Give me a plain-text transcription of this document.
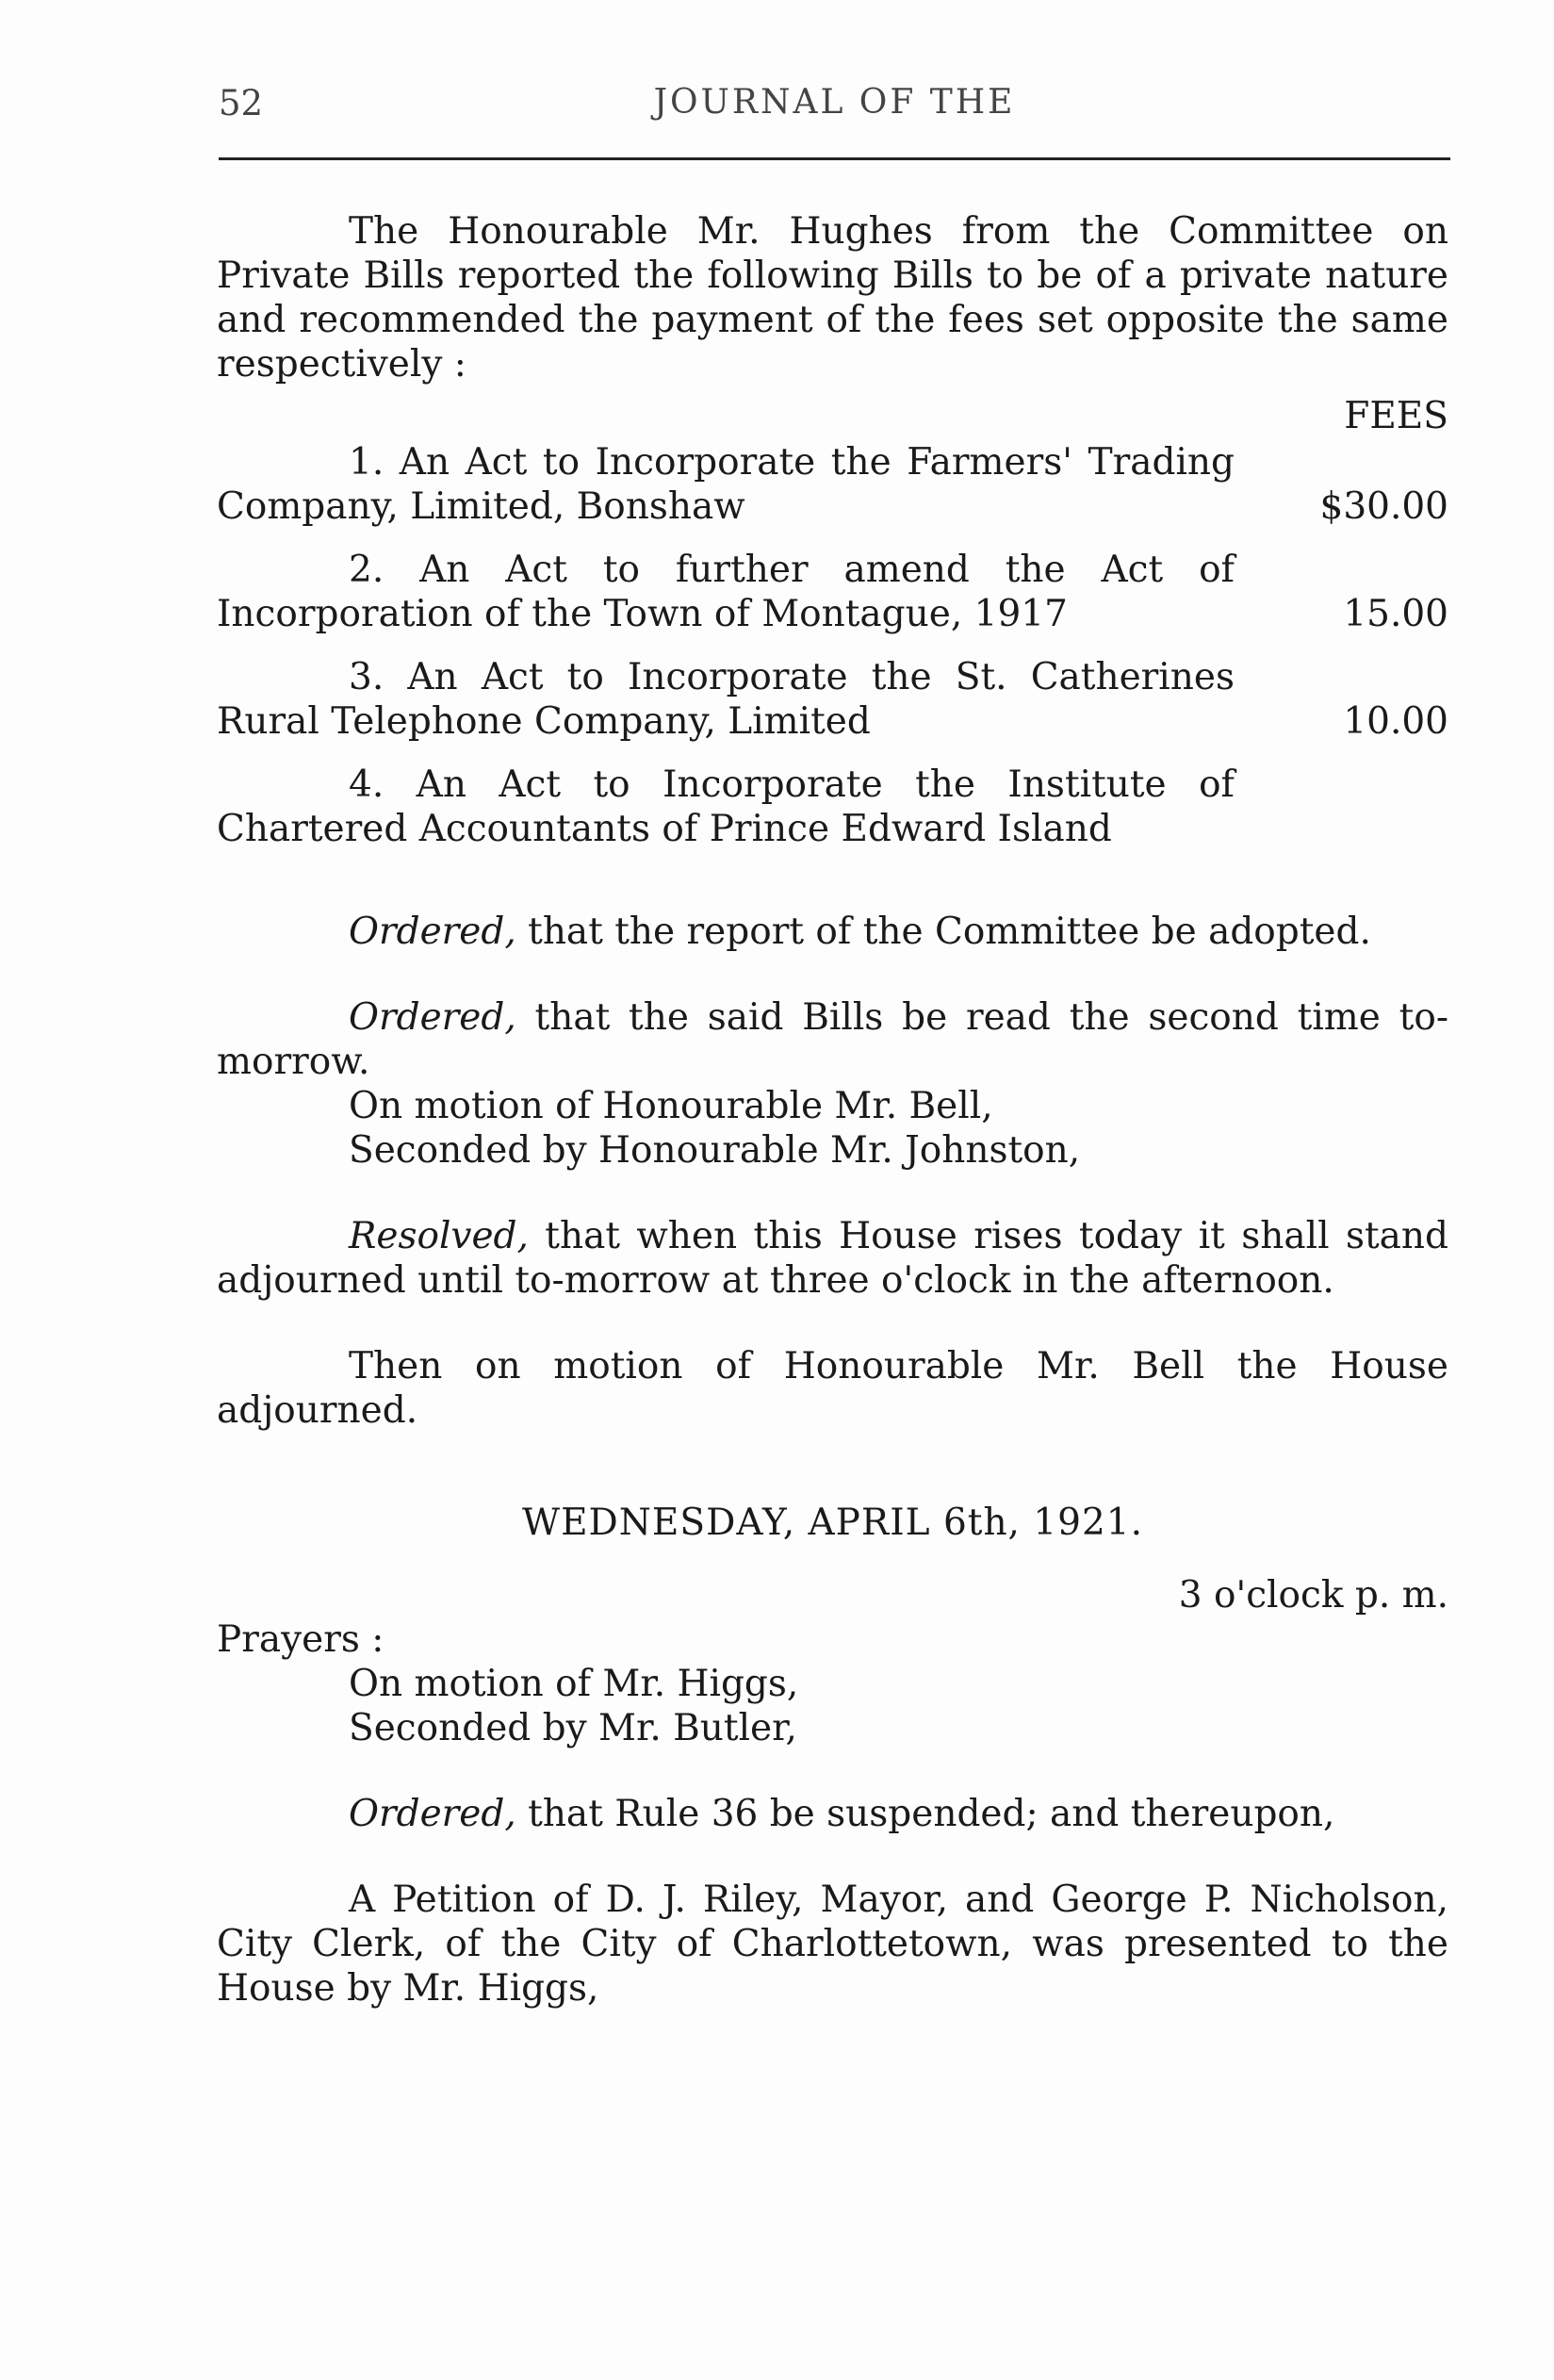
52	JOURNAL OF THE

The Honourable Mr. Hughes from the Committee on Private Bills reported the following Bills to be of a private nature and recommended the payment of the fees set opposite the same respectively :

FEES

1. An Act to Incorporate the Farmers' Trading Company, Limited, Bonshaw	$30.00

2. An Act to further amend the Act of Incorporation of the Town of Montague, 1917	15.00

3. An Act to Incorporate the St. Catherines Rural Telephone Company, Limited	10.00

4. An Act to Incorporate the Institute of Chartered Accountants of Prince Edward Island

Ordered, that the report of the Committee be adopted.

Ordered, that the said Bills be read the second time to-morrow.

On motion of Honourable Mr. Bell,

Seconded by Honourable Mr. Johnston,

Resolved, that when this House rises today it shall stand adjourned until to-morrow at three o'clock in the afternoon.

Then on motion of Honourable Mr. Bell the House adjourned.

WEDNESDAY, APRIL 6th, 1921.
3 o'clock p. m.

Prayers :

On motion of Mr. Higgs,

Seconded by Mr. Butler,

Ordered, that Rule 36 be suspended; and thereupon,

A Petition of D. J. Riley, Mayor, and George P. Nicholson, City Clerk, of the City of Charlottetown, was presented to the House by Mr. Higgs,
